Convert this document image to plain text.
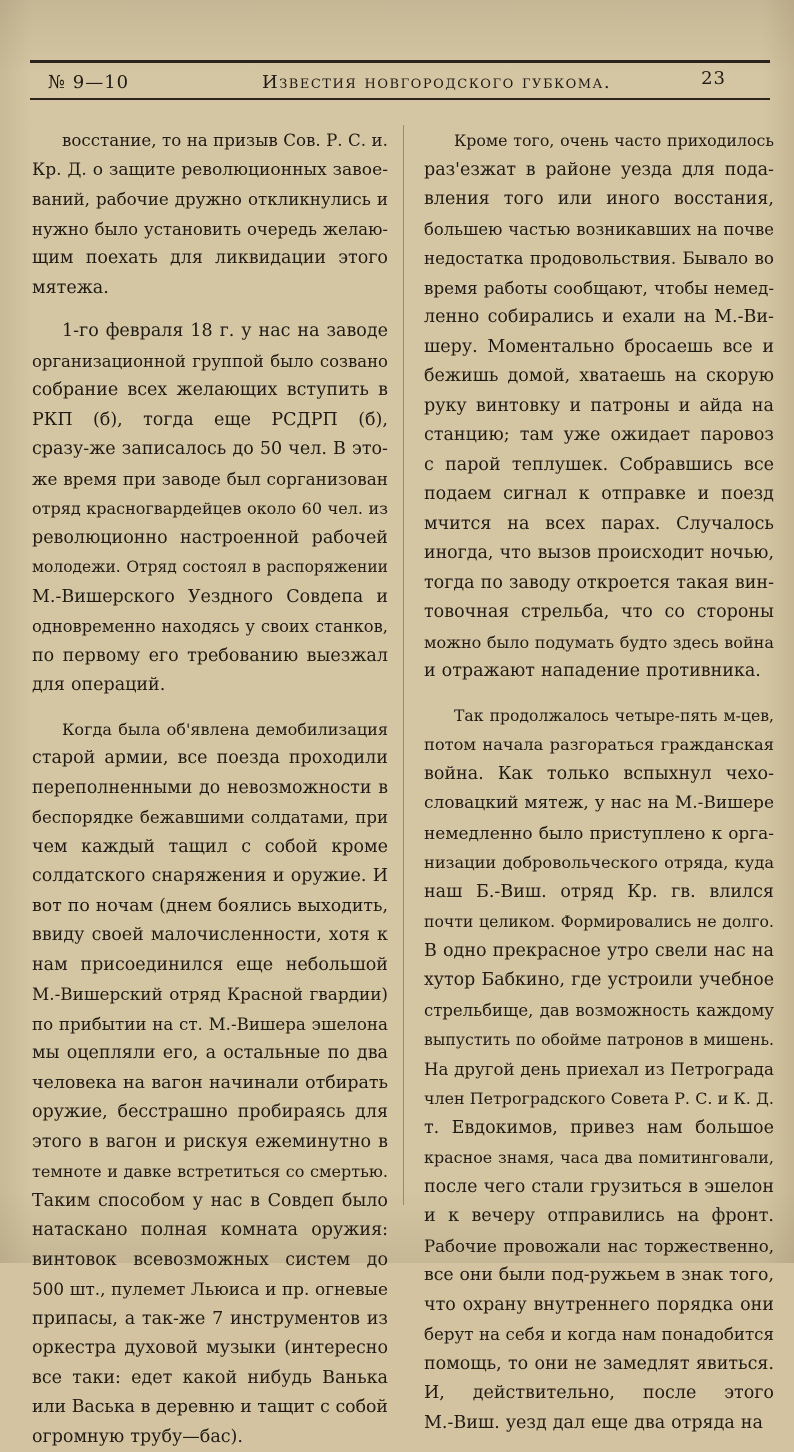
№ 9—10	Известия новгородского губкома.	23
восстание, то на призыв Сов. Р. С. и.
Кр. Д. о защите революционных завое-
ваний, рабочие дружно откликнулись и
нужно было установить очередь желаю-
щим поехать для ликвидации этого
мятежа.
1-го февраля 18 г. у нас на заводе
организационной группой было созвано
собрание всех желающих вступить в
РКП (б), тогда еще РСДРП (б),
сразу-же записалось до 50 чел. В это-
же время при заводе был сорганизован
отряд красногвардейцев около 60 чел. из
революционно настроенной рабочей
молодежи. Отряд состоял в распоряжении
М.-Вишерского Уездного Совдепа и
одновременно находясь у своих станков,
по первому его требованию выезжал
для операций.
Когда была об'явлена демобилизация
старой армии, все поезда проходили
переполненными до невозможности в
беспорядке бежавшими солдатами, при
чем каждый тащил с собой кроме
солдатского снаряжения и оружие. И
вот по ночам (днем боялись выходить,
ввиду своей малочисленности, хотя к
нам присоединился еще небольшой
М.-Вишерский отряд Красной гвардии)
по прибытии на ст. М.-Вишера эшелона
мы оцепляли его, а остальные по два
человека на вагон начинали отбирать
оружие, бесстрашно пробираясь для
этого в вагон и рискуя ежеминутно в
темноте и давке встретиться со смертью.
Таким способом у нас в Совдеп было
натаскано полная комната оружия:
винтовок всевозможных систем до
500 шт., пулемет Льюиса и пр. огневые
припасы, а так-же 7 инструментов из
оркестра духовой музыки (интересно
все таки: едет какой нибудь Ванька
или Васька в деревню и тащит с собой
огромную трубу—бас).
Кроме того, очень часто приходилось
раз'езжат в районе уезда для пода-
вления того или иного восстания,
большею частью возникавших на почве
недостатка продовольствия. Бывало во
время работы сообщают, чтобы немед-
ленно собирались и ехали на М.-Ви-
шеру. Моментально бросаешь все и
бежишь домой, хватаешь на скорую
руку винтовку и патроны и айда на
станцию; там уже ожидает паровоз
с парой теплушек. Собравшись все
подаем сигнал к отправке и поезд
мчится на всех парах. Случалось
иногда, что вызов происходит ночью,
тогда по заводу откроется такая вин-
товочная стрельба, что со стороны
можно было подумать будто здесь война
и отражают нападение противника.
Так продолжалось четыре-пять м-цев,
потом начала разгораться гражданская
война. Как только вспыхнул чехо-
словацкий мятеж, у нас на М.-Вишере
немедленно было приступлено к орга-
низации добровольческого отряда, куда
наш Б.-Виш. отряд Кр. гв. влился
почти целиком. Формировались не долго.
В одно прекрасное утро свели нас на
хутор Бабкино, где устроили учебное
стрельбище, дав возможность каждому
выпустить по обойме патронов в мишень.
На другой день приехал из Петрограда
член Петроградского Совета Р. С. и К. Д.
т. Евдокимов, привез нам большое
красное знамя, часа два помитинговали,
после чего стали грузиться в эшелон
и к вечеру отправились на фронт.
Рабочие провожали нас торжественно,
все они были под-ружьем в знак того,
что охрану внутреннего порядка они
берут на себя и когда нам понадобится
помощь, то они не замедлят явиться.
И, действительно, после этого
М.-Виш. уезд дал еще два отряда на
